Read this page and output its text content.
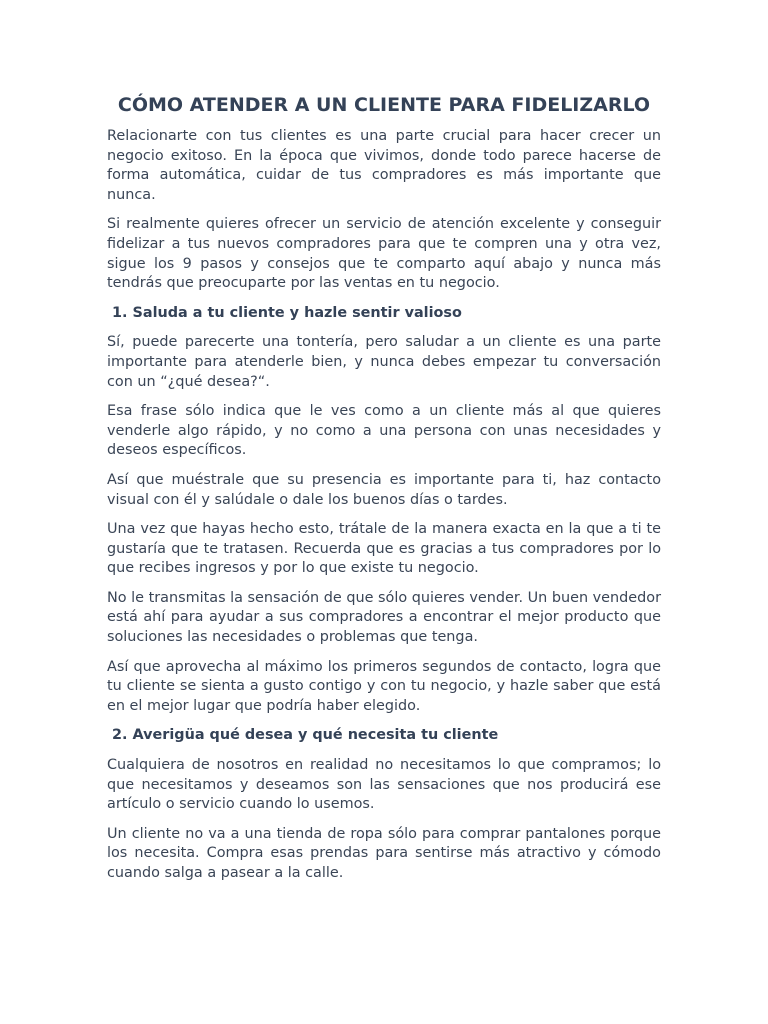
CÓMO ATENDER A UN CLIENTE PARA FIDELIZARLO

Relacionarte con tus clientes es una parte crucial para hacer crecer un negocio exitoso. En la época que vivimos, donde todo parece hacerse de forma automática, cuidar de tus compradores es más importante que nunca.

Si realmente quieres ofrecer un servicio de atención excelente y conseguir fidelizar a tus nuevos compradores para que te compren una y otra vez, sigue los 9 pasos y consejos que te comparto aquí abajo y nunca más tendrás que preocuparte por las ventas en tu negocio.

1. Saluda a tu cliente y hazle sentir valioso

Sí, puede parecerte una tontería, pero saludar a un cliente es una parte importante para atenderle bien, y nunca debes empezar tu conversación con un “¿qué desea?“.

Esa frase sólo indica que le ves como a un cliente más al que quieres venderle algo rápido, y no como a una persona con unas necesidades y deseos específicos.

Así que muéstrale que su presencia es importante para ti, haz contacto visual con él y salúdale o dale los buenos días o tardes.

Una vez que hayas hecho esto, trátale de la manera exacta en la que a ti te gustaría que te tratasen. Recuerda que es gracias a tus compradores por lo que recibes ingresos y por lo que existe tu negocio.

No le transmitas la sensación de que sólo quieres vender. Un buen vendedor está ahí para ayudar a sus compradores a encontrar el mejor producto que soluciones las necesidades o problemas que tenga.

Así que aprovecha al máximo los primeros segundos de contacto, logra que tu cliente se sienta a gusto contigo y con tu negocio, y hazle saber que está en el mejor lugar que podría haber elegido.

2. Averigüa qué desea y qué necesita tu cliente

Cualquiera de nosotros en realidad no necesitamos lo que compramos; lo que necesitamos y deseamos son las sensaciones que nos producirá ese artículo o servicio cuando lo usemos.

Un cliente no va a una tienda de ropa sólo para comprar pantalones porque los necesita. Compra esas prendas para sentirse más atractivo y cómodo cuando salga a pasear a la calle.
